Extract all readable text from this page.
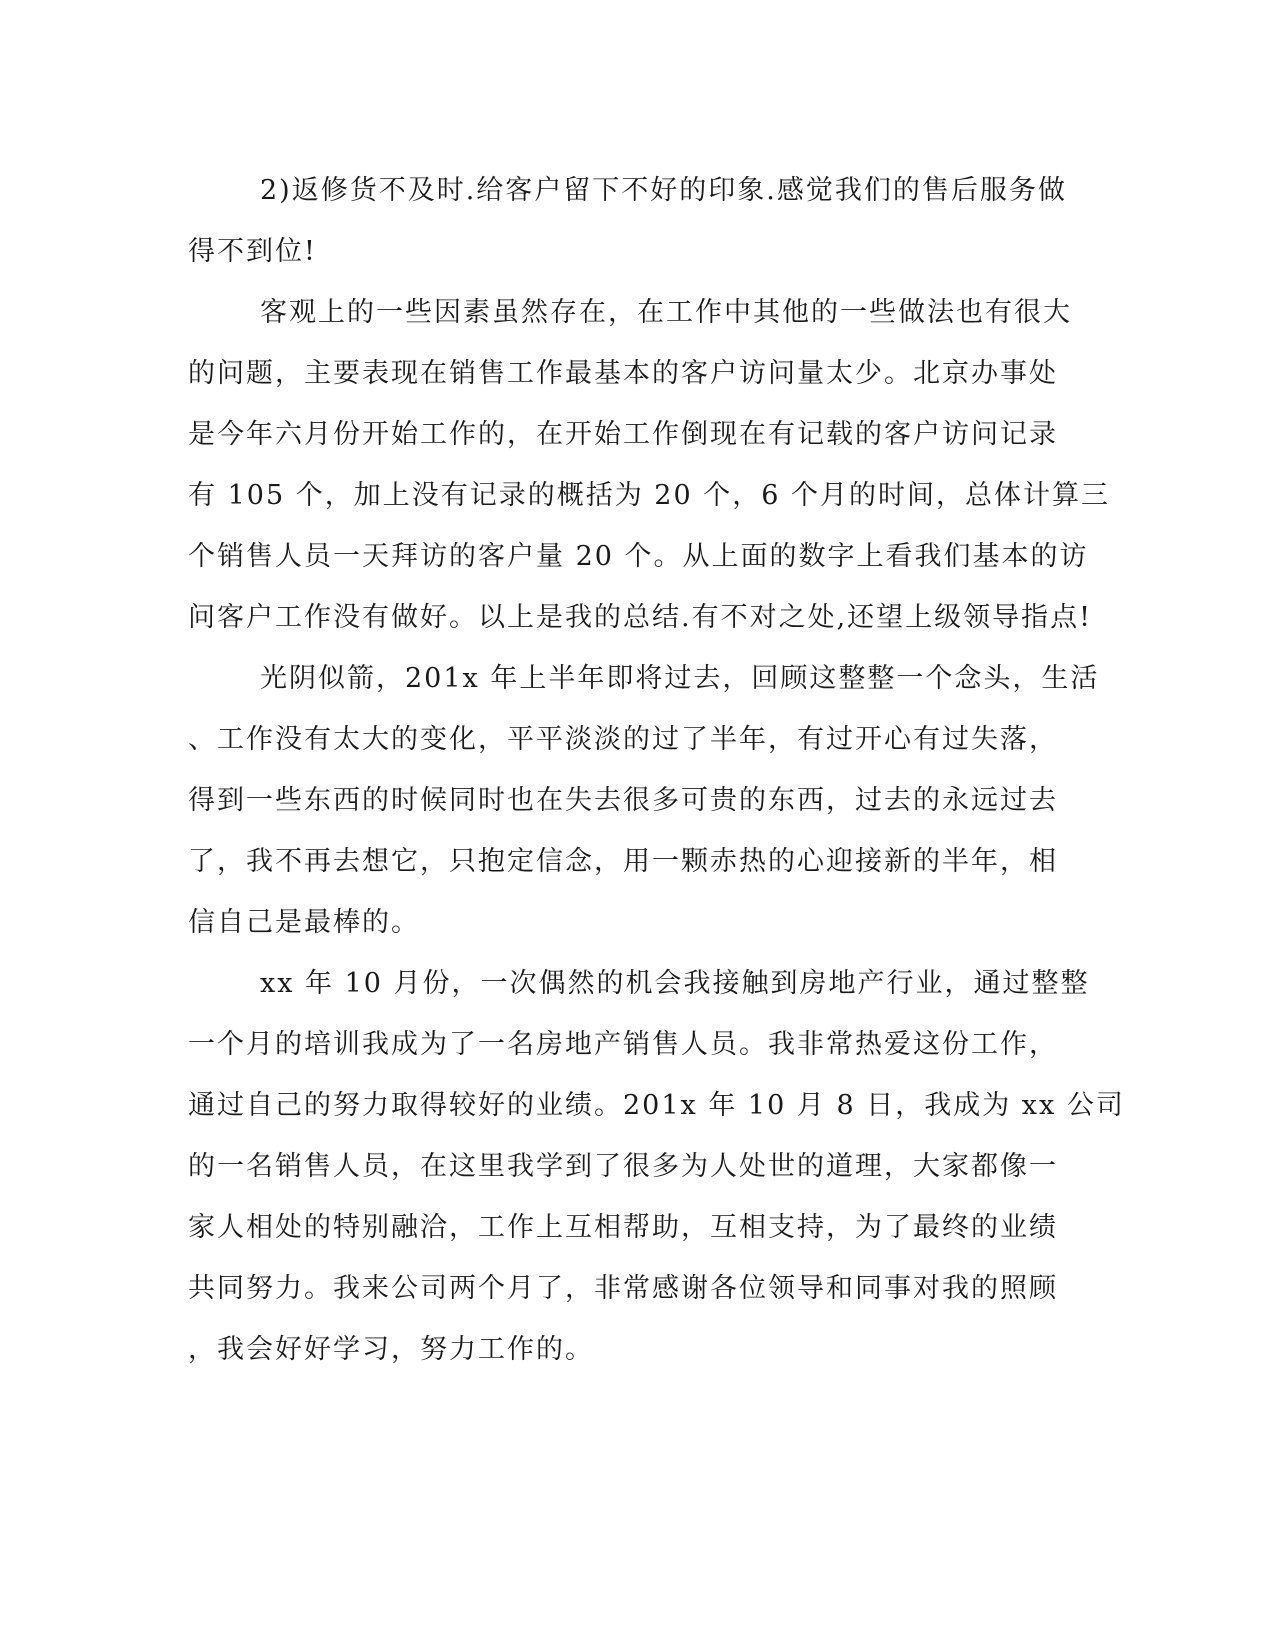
2)返修货不及时.给客户留下不好的印象.感觉我们的售后服务做
得不到位!
客观上的一些因素虽然存在，在工作中其他的一些做法也有很大
的问题，主要表现在销售工作最基本的客户访问量太少。北京办事处
是今年六月份开始工作的，在开始工作倒现在有记载的客户访问记录
有 105 个，加上没有记录的概括为 20 个，6 个月的时间，总体计算三
个销售人员一天拜访的客户量 20 个。从上面的数字上看我们基本的访
问客户工作没有做好。以上是我的总结.有不对之处,还望上级领导指点!
光阴似箭，201x 年上半年即将过去，回顾这整整一个念头，生活
、工作没有太大的变化，平平淡淡的过了半年，有过开心有过失落，
得到一些东西的时候同时也在失去很多可贵的东西，过去的永远过去
了，我不再去想它，只抱定信念，用一颗赤热的心迎接新的半年，相
信自己是最棒的。
xx 年 10 月份，一次偶然的机会我接触到房地产行业，通过整整
一个月的培训我成为了一名房地产销售人员。我非常热爱这份工作，
通过自己的努力取得较好的业绩。201x 年 10 月 8 日，我成为 xx 公司
的一名销售人员，在这里我学到了很多为人处世的道理，大家都像一
家人相处的特别融洽，工作上互相帮助，互相支持，为了最终的业绩
共同努力。我来公司两个月了，非常感谢各位领导和同事对我的照顾
，我会好好学习，努力工作的。
